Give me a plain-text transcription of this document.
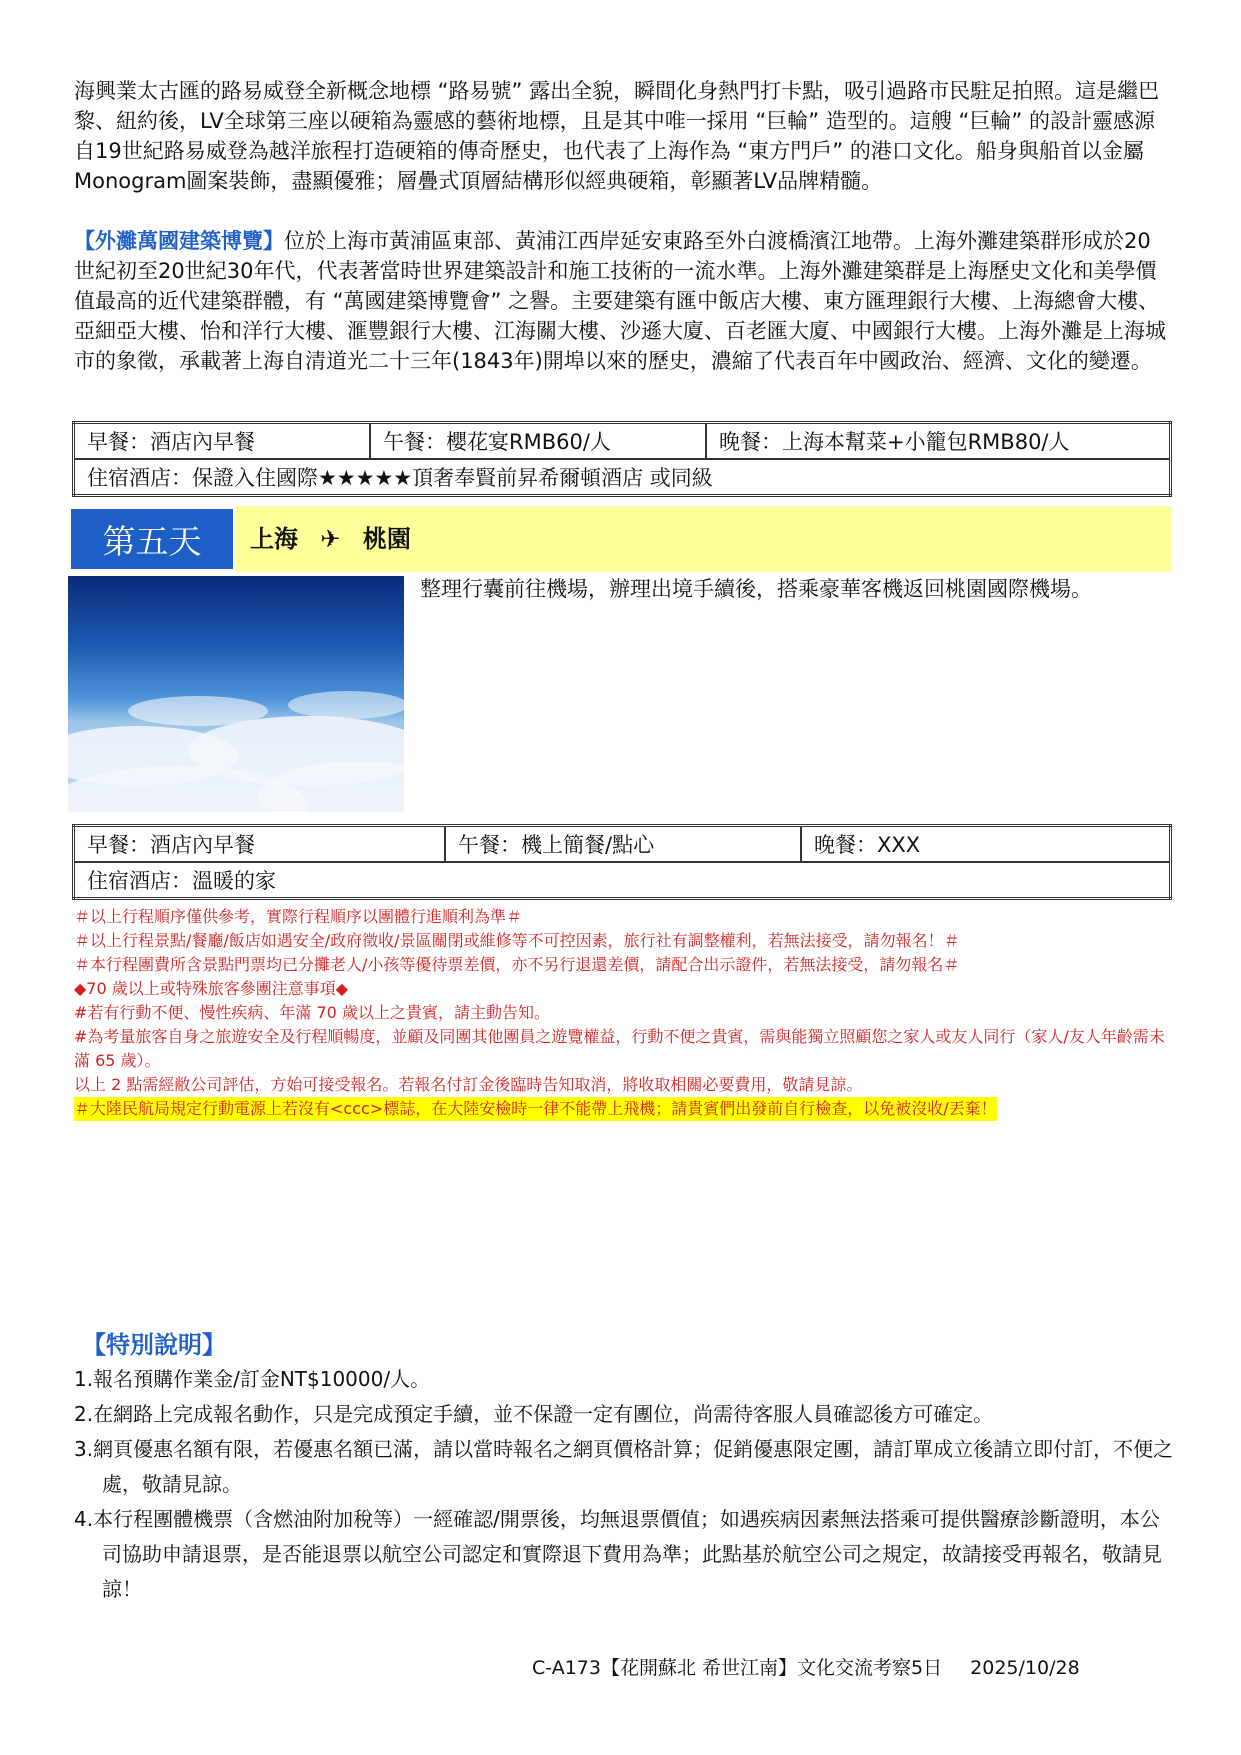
海興業太古匯的路易威登全新概念地標 “路易號” 露出全貌，瞬間化身熱門打卡點，吸引過路市民駐足拍照。這是繼巴黎、紐約後，LV全球第三座以硬箱為靈感的藝術地標，且是其中唯一採用 “巨輪” 造型的。這艘 “巨輪” 的設計靈感源自19世紀路易威登為越洋旅程打造硬箱的傳奇歷史，也代表了上海作為 “東方門戶” 的港口文化。船身與船首以金屬Monogram圖案裝飾，盡顯優雅；層疊式頂層結構形似經典硬箱，彰顯著LV品牌精髓。

【外灘萬國建築博覽】位於上海市黃浦區東部、黃浦江西岸延安東路至外白渡橋濱江地帶。上海外灘建築群形成於20世紀初至20世紀30年代，代表著當時世界建築設計和施工技術的一流水準。上海外灘建築群是上海歷史文化和美學價值最高的近代建築群體，有 “萬國建築博覽會” 之譽。主要建築有匯中飯店大樓、東方匯理銀行大樓、上海總會大樓、亞細亞大樓、怡和洋行大樓、滙豐銀行大樓、江海關大樓、沙遜大廈、百老匯大廈、中國銀行大樓。上海外灘是上海城市的象徵，承載著上海自清道光二十三年(1843年)開埠以來的歷史，濃縮了代表百年中國政治、經濟、文化的變遷。

早餐：酒店內早餐	午餐：櫻花宴RMB60/人	晚餐：上海本幫菜+小籠包RMB80/人
住宿酒店：保證入住國際★★★★★頂奢奉賢前昇希爾頓酒店 或同級
第五天	上海 ✈ 桃園

整理行囊前往機場，辦理出境手續後，搭乘豪華客機返回桃園國際機場。

早餐：酒店內早餐	午餐：機上簡餐/點心	晚餐：XXX
住宿酒店：溫暖的家

＃以上行程順序僅供參考，實際行程順序以團體行進順利為準＃

＃以上行程景點/餐廳/飯店如遇安全/政府徵收/景區關閉或維修等不可控因素，旅行社有調整權利，若無法接受，請勿報名！＃

＃本行程團費所含景點門票均已分攤老人/小孩等優待票差價，亦不另行退還差價，請配合出示證件，若無法接受，請勿報名＃

◆70 歲以上或特殊旅客參團注意事項◆

#若有行動不便、慢性疾病、年滿 70 歲以上之貴賓，請主動告知。

#為考量旅客自身之旅遊安全及行程順暢度，並顧及同團其他團員之遊覽權益，行動不便之貴賓，需與能獨立照顧您之家人或友人同行（家人/友人年齡需未滿 65 歲）。

以上 2 點需經敝公司評估，方始可接受報名。若報名付訂金後臨時告知取消，將收取相關必要費用，敬請見諒。

＃大陸民航局規定行動電源上若沒有<ccc>標誌，在大陸安檢時一律不能帶上飛機；請貴賓們出發前自行檢查，以免被沒收/丟棄！

【特別說明】

1.報名預購作業金/訂金NT$10000/人。

2.在網路上完成報名動作，只是完成預定手續，並不保證一定有團位，尚需待客服人員確認後方可確定。

3.網頁優惠名額有限，若優惠名額已滿，請以當時報名之網頁價格計算；促銷優惠限定團，請訂單成立後請立即付訂，不便之處，敬請見諒。

4.本行程團體機票（含燃油附加稅等）一經確認/開票後，均無退票價值；如遇疾病因素無法搭乘可提供醫療診斷證明，本公司協助申請退票，是否能退票以航空公司認定和實際退下費用為準；此點基於航空公司之規定，故請接受再報名，敬請見諒！

C-A173【花開蘇北 希世江南】文化交流考察5日 2025/10/28
